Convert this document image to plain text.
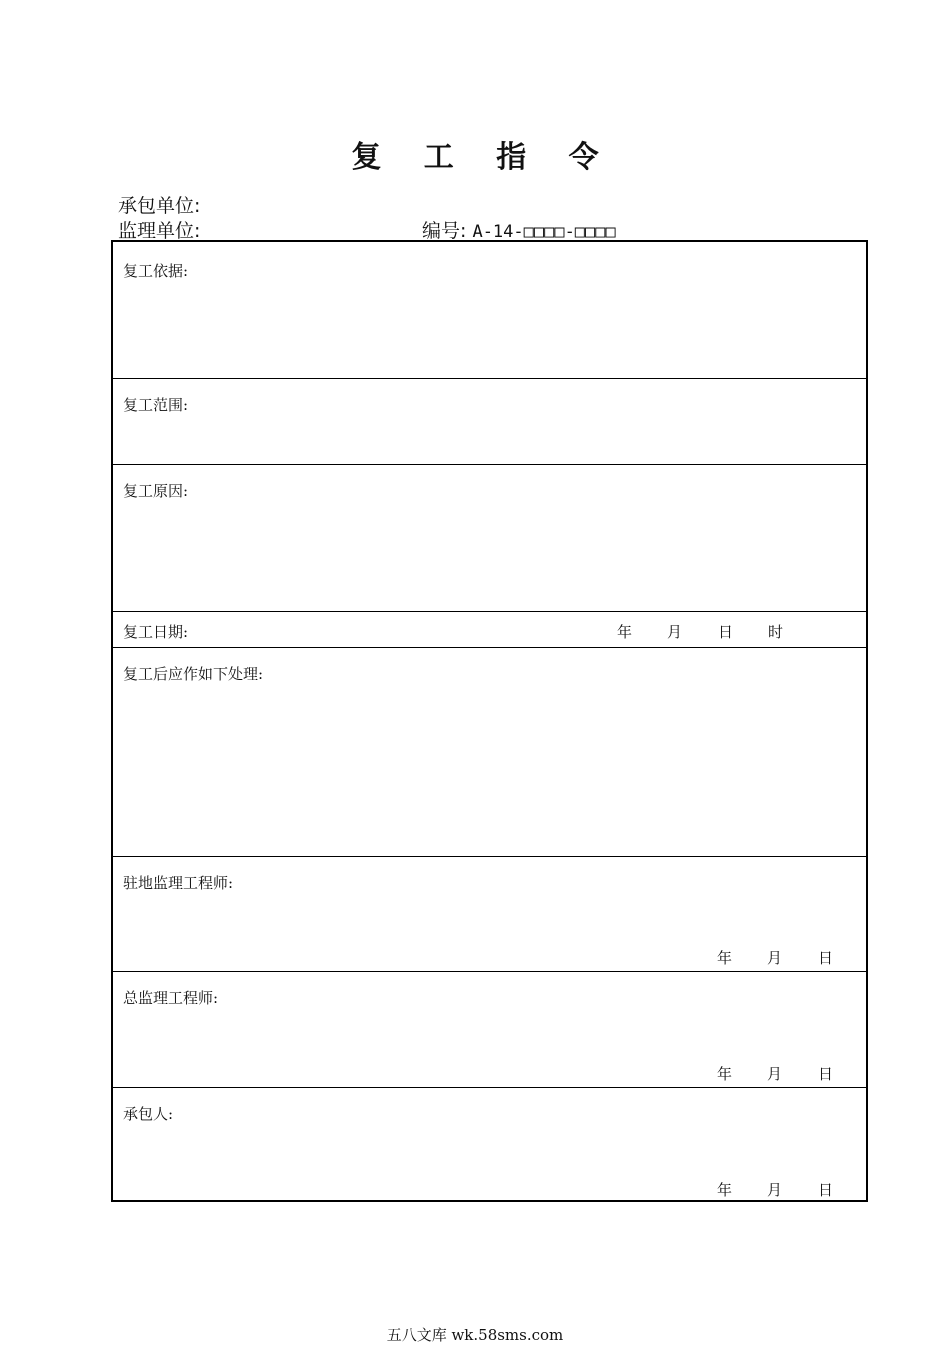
复 工 指 令
承包单位:
监理单位:	编号: A-14-□□□□-□□□□
复工依据:
复工范围:
复工原因:
复工日期:	年 月 日 时
复工后应作如下处理:
驻地监理工程师:
年 月 日
总监理工程师:
年 月 日
承包人:
年 月 日
五八文库 wk.58sms.com
